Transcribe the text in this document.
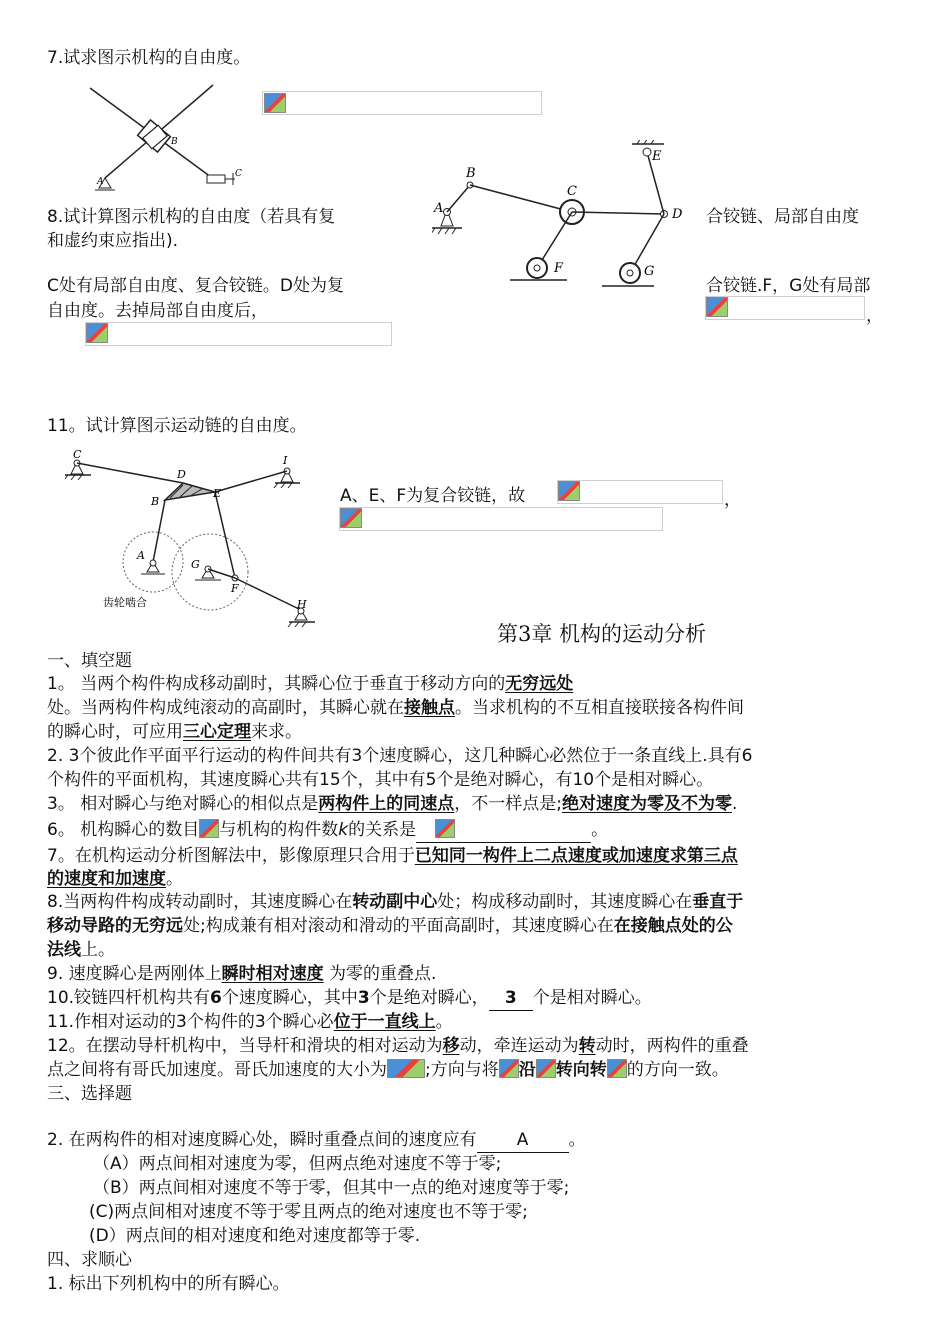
7.试求图示机构的自由度。
A
B
C
8.试计算图示机构的自由度（若具有复
和虚约束应指出).
合铰链、局部自由度
A
B
C
D
E
F	G
C处有局部自由度、复合铰链。D处为复
自由度。去掉局部自由度后，
合铰链.F，G处有局部
，
11。试计算图示运动链的自由度。
C
D
B
E
I
A
G
F
H
齿轮啮合
A、E、F为复合铰链，故	，
第3章 机构的运动分析
一、填空题
1。 当两个构件构成移动副时，其瞬心位于垂直于移动方向的无穷远处
处。当两构件构成纯滚动的高副时，其瞬心就在接触点。当求机构的不互相直接联接各构件间
的瞬心时，可应用三心定理来求。
2. 3个彼此作平面平行运动的构件间共有3个速度瞬心，这几种瞬心必然位于一条直线上.具有6
个构件的平面机构，其速度瞬心共有15个，其中有5个是绝对瞬心，有10个是相对瞬心。
3。 相对瞬心与绝对瞬心的相似点是两构件上的同速点，不一样点是;绝对速度为零及不为零.
6。 机构瞬心的数目 与机构的构件数k的关系是	。
7。在机构运动分析图解法中，影像原理只合用于已知同一构件上二点速度或加速度求第三点
的速度和加速度。
8.当两构件构成转动副时，其速度瞬心在转动副中心处；构成移动副时，其速度瞬心在垂直于
移动导路的无穷远处;构成兼有相对滚动和滑动的平面高副时，其速度瞬心在在接触点处的公
法线上。
9. 速度瞬心是两刚体上瞬时相对速度 为零的重叠点.
10.铰链四杆机构共有6个速度瞬心，其中3个是绝对瞬心， 3 个是相对瞬心。
11.作相对运动的3个构件的3个瞬心必位于一直线上。
12。在摆动导杆机构中，当导杆和滑块的相对运动为移动，牵连运动为转动时，两构件的重叠
点之间将有哥氏加速度。哥氏加速度的大小为 ;方向与将 沿 转向转 的方向一致。
三、选择题
2. 在两构件的相对速度瞬心处，瞬时重叠点间的速度应有 A 。
（A）两点间相对速度为零，但两点绝对速度不等于零;
（B）两点间相对速度不等于零，但其中一点的绝对速度等于零;
(C)两点间相对速度不等于零且两点的绝对速度也不等于零;
(D）两点间的相对速度和绝对速度都等于零.
四、求顺心
1. 标出下列机构中的所有瞬心。
